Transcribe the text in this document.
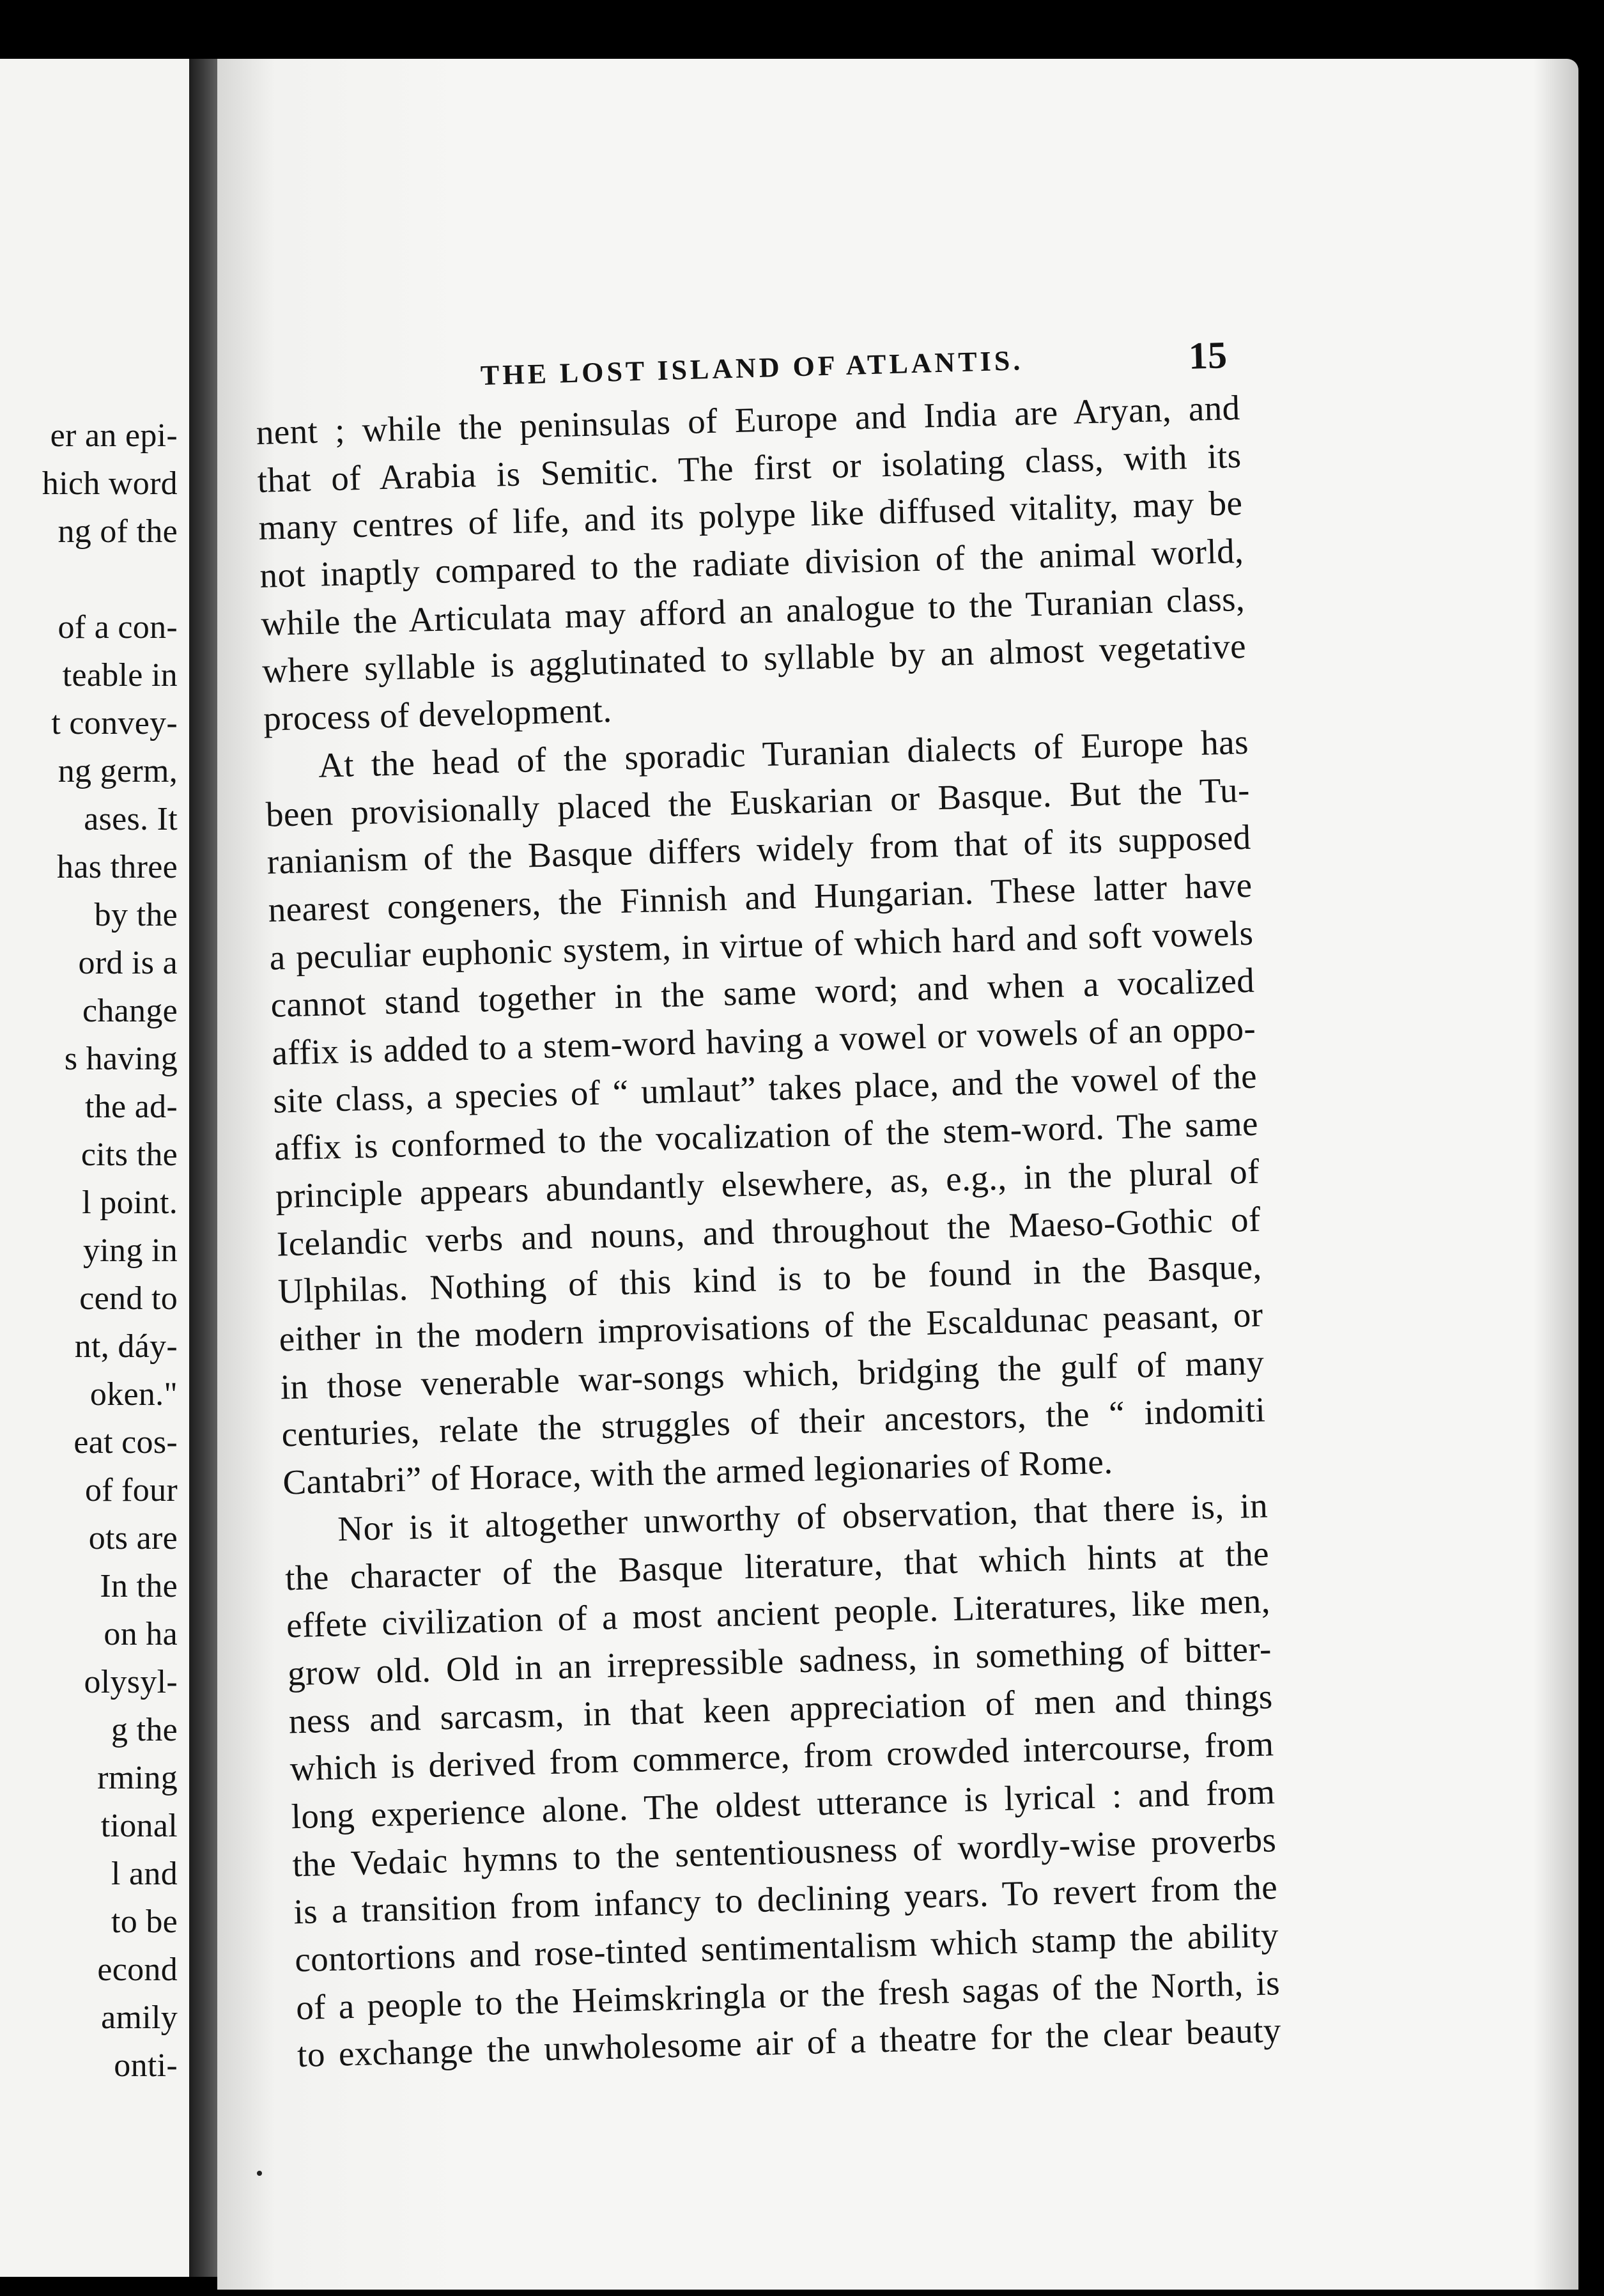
er an epi-
hich word
ng of the
of a con-
teable in
t convey-
ng germ,
ases. It
has three
by the
ord is a
change
s having
the ad-
cits the
l point.
ying in
cend to
nt, dáy-
oken."
eat cos-
of four
ots are
In the
on ha
olysyl-
g the
rming
tional
l and
to be
econd
amily
onti-
THE LOST ISLAND OF ATLANTIS.	15
nent ; while the peninsulas of Europe and India are Aryan, and
that of Arabia is Semitic. The first or isolating class, with its
many centres of life, and its polype like diffused vitality, may be
not inaptly compared to the radiate division of the animal world,
while the Articulata may afford an analogue to the Turanian class,
where syllable is agglutinated to syllable by an almost vegetative
process of development.
At the head of the sporadic Turanian dialects of Europe has
been provisionally placed the Euskarian or Basque. But the Tu-
ranianism of the Basque differs widely from that of its supposed
nearest congeners, the Finnish and Hungarian. These latter have
a peculiar euphonic system, in virtue of which hard and soft vowels
cannot stand together in the same word; and when a vocalized
affix is added to a stem-word having a vowel or vowels of an oppo-
site class, a species of “ umlaut” takes place, and the vowel of the
affix is conformed to the vocalization of the stem-word. The same
principle appears abundantly elsewhere, as, e.g., in the plural of
Icelandic verbs and nouns, and throughout the Maeso-Gothic of
Ulphilas. Nothing of this kind is to be found in the Basque,
either in the modern improvisations of the Escaldunac peasant, or
in those venerable war-songs which, bridging the gulf of many
centuries, relate the struggles of their ancestors, the “ indomiti
Cantabri” of Horace, with the armed legionaries of Rome.
Nor is it altogether unworthy of observation, that there is, in
the character of the Basque literature, that which hints at the
effete civilization of a most ancient people. Literatures, like men,
grow old. Old in an irrepressible sadness, in something of bitter-
ness and sarcasm, in that keen appreciation of men and things
which is derived from commerce, from crowded intercourse, from
long experience alone. The oldest utterance is lyrical : and from
the Vedaic hymns to the sententiousness of wordly-wise proverbs
is a transition from infancy to declining years. To revert from the
contortions and rose-tinted sentimentalism which stamp the ability
of a people to the Heimskringla or the fresh sagas of the North, is
to exchange the unwholesome air of a theatre for the clear beauty
